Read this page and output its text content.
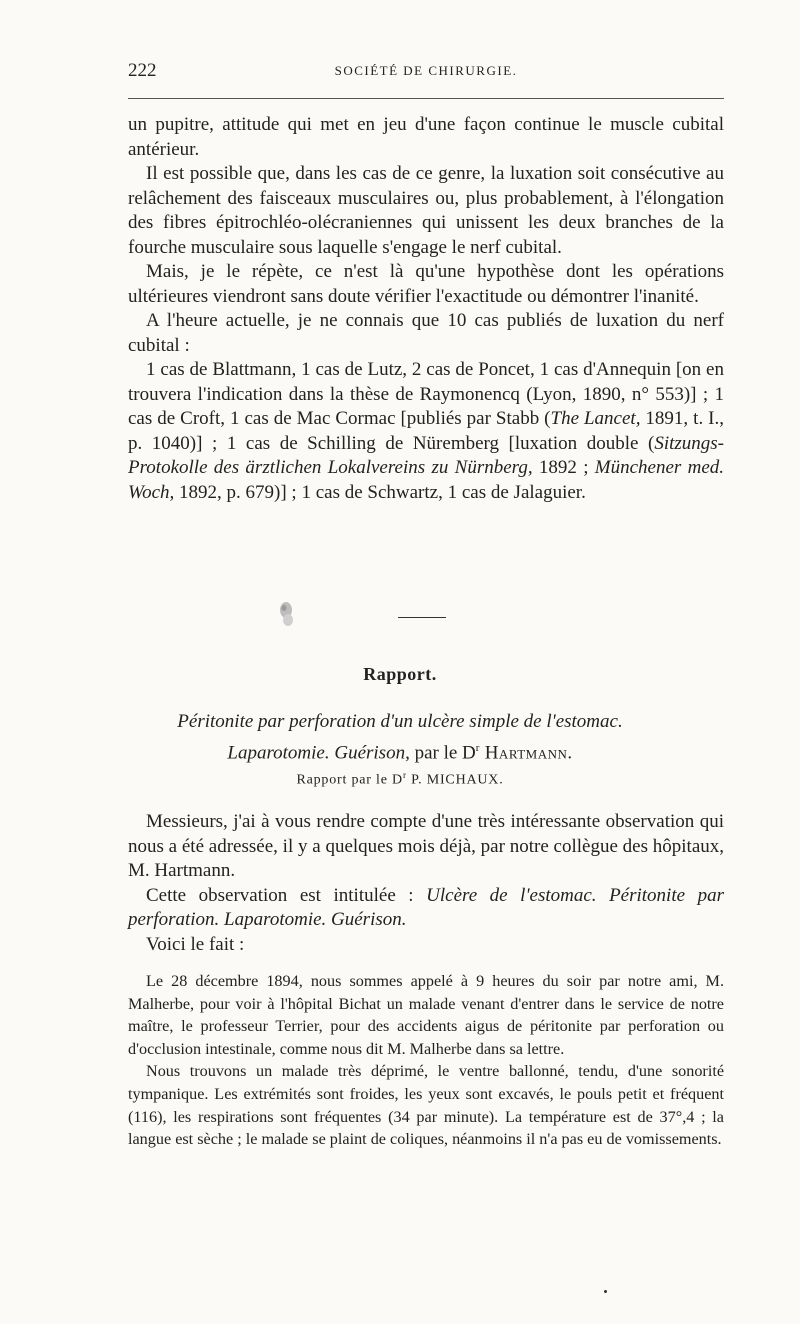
222	SOCIÉTÉ DE CHIRURGIE.

un pupitre, attitude qui met en jeu d'une façon continue le muscle cubital antérieur.

Il est possible que, dans les cas de ce genre, la luxation soit consécutive au relâchement des faisceaux musculaires ou, plus probablement, à l'élongation des fibres épitrochléo-olécraniennes qui unissent les deux branches de la fourche musculaire sous laquelle s'engage le nerf cubital.

Mais, je le répète, ce n'est là qu'une hypothèse dont les opérations ultérieures viendront sans doute vérifier l'exactitude ou démontrer l'inanité.

A l'heure actuelle, je ne connais que 10 cas publiés de luxation du nerf cubital :

1 cas de Blattmann, 1 cas de Lutz, 2 cas de Poncet, 1 cas d'Annequin [on en trouvera l'indication dans la thèse de Raymonencq (Lyon, 1890, n° 553)] ; 1 cas de Croft, 1 cas de Mac Cormac [publiés par Stabb (The Lancet, 1891, t. I., p. 1040)] ; 1 cas de Schilling de Nüremberg [luxation double (Sitzungs-Protokolle des ärztlichen Lokalvereins zu Nürnberg, 1892 ; Münchener med. Woch, 1892, p. 679)] ; 1 cas de Schwartz, 1 cas de Jalaguier.

Rapport.
Péritonite par perforation d'un ulcère simple de l'estomac.
Laparotomie. Guérison, par le $D^r$ Hartmann.
Rapport par le $D^r$ P. MICHAUX.

Messieurs, j'ai à vous rendre compte d'une très intéressante observation qui nous a été adressée, il y a quelques mois déjà, par notre collègue des hôpitaux, M. Hartmann.

Cette observation est intitulée : Ulcère de l'estomac. Péritonite par perforation. Laparotomie. Guérison.

Voici le fait :

Le 28 décembre 1894, nous sommes appelé à 9 heures du soir par notre ami, M. Malherbe, pour voir à l'hôpital Bichat un malade venant d'entrer dans le service de notre maître, le professeur Terrier, pour des accidents aigus de péritonite par perforation ou d'occlusion intestinale, comme nous dit M. Malherbe dans sa lettre.

Nous trouvons un malade très déprimé, le ventre ballonné, tendu, d'une sonorité tympanique. Les extrémités sont froides, les yeux sont excavés, le pouls petit et fréquent (116), les respirations sont fréquentes (34 par minute). La température est de 37°,4 ; la langue est sèche ; le malade se plaint de coliques, néanmoins il n'a pas eu de vomissements.
